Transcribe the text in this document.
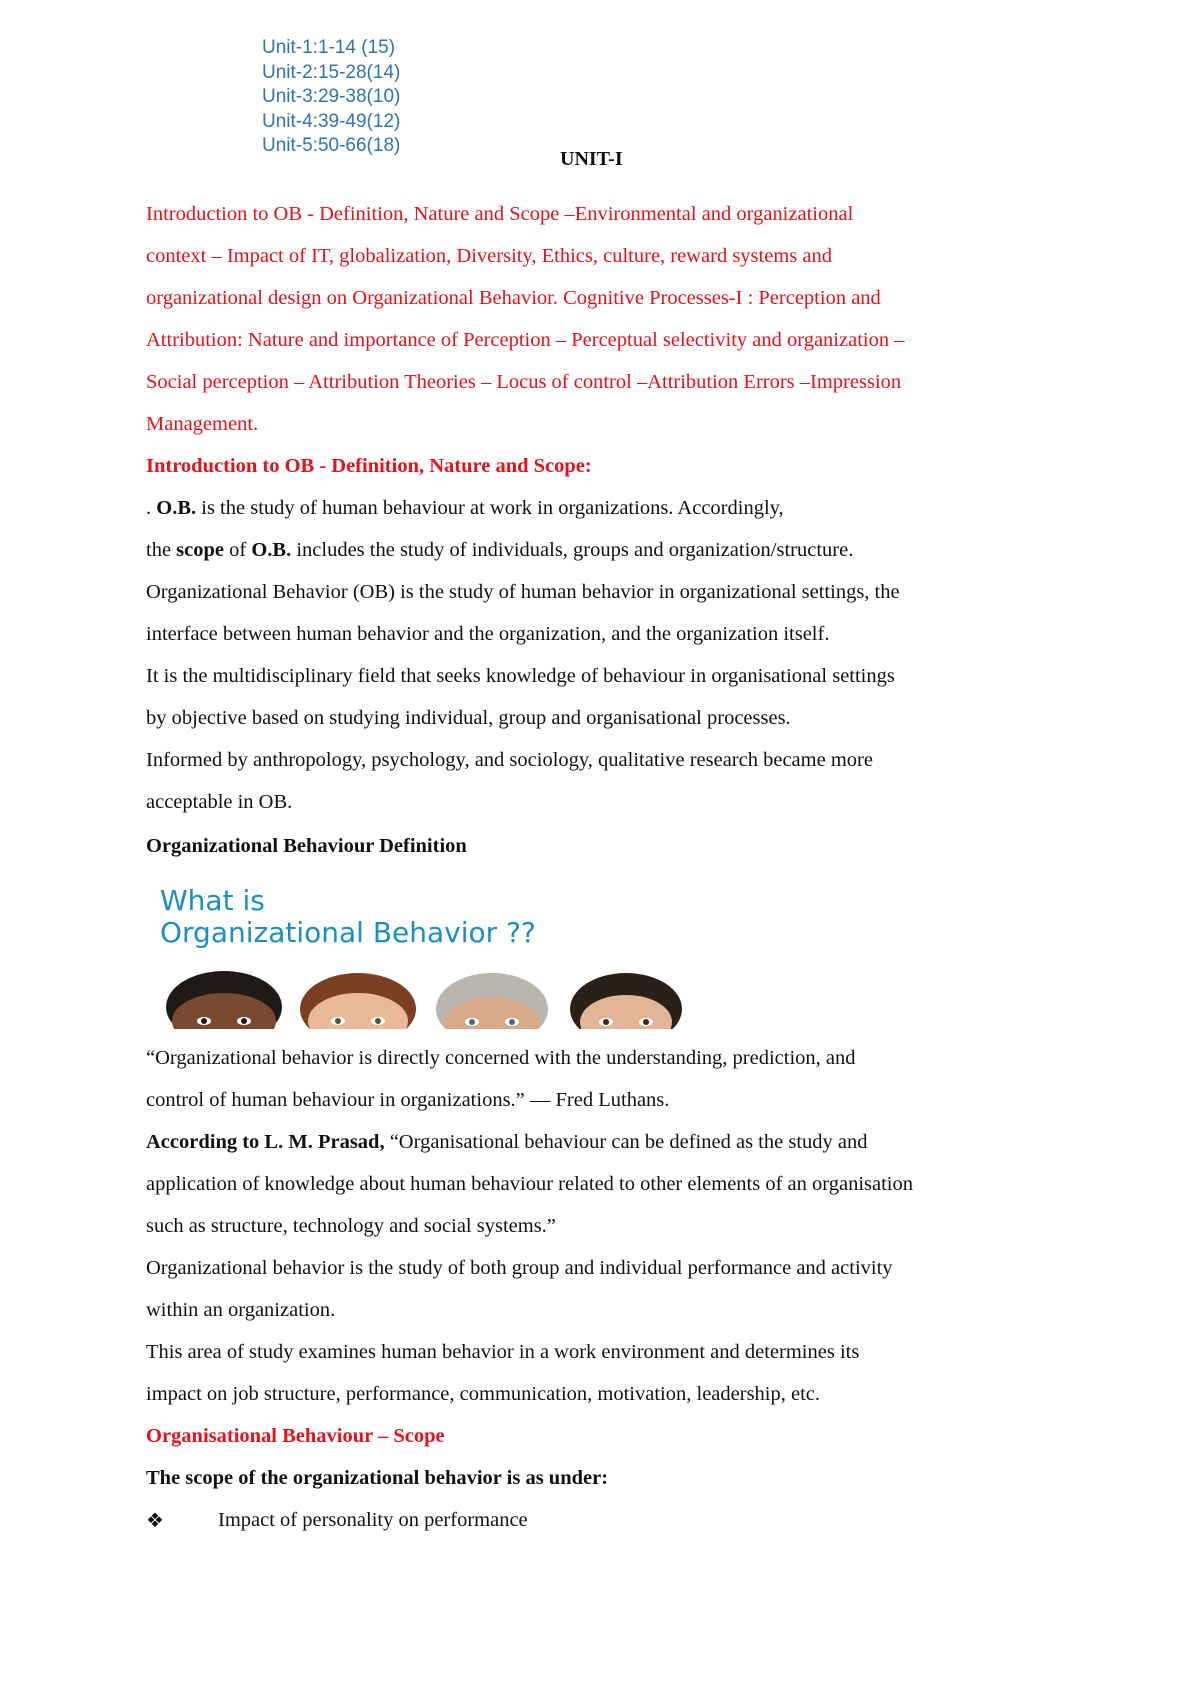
Unit-1:1-14 (15)
Unit-2:15-28(14)
Unit-3:29-38(10)
Unit-4:39-49(12)
Unit-5:50-66(18)
UNIT-I

Introduction to OB - Definition, Nature and Scope –Environmental and organizational

context – Impact of IT, globalization, Diversity, Ethics, culture, reward systems and

organizational design on Organizational Behavior. Cognitive Processes-I : Perception and

Attribution: Nature and importance of Perception – Perceptual selectivity and organization –

Social perception – Attribution Theories – Locus of control –Attribution Errors –Impression

Management.

Introduction to OB - Definition, Nature and Scope:

. O.B. is the study of human behaviour at work in organizations. Accordingly,

the scope of O.B. includes the study of individuals, groups and organization/structure.

Organizational Behavior (OB) is the study of human behavior in organizational settings, the

interface between human behavior and the organization, and the organization itself.

It is the multidisciplinary field that seeks knowledge of behaviour in organisational settings

by objective based on studying individual, group and organisational processes.

Informed by anthropology, psychology, and sociology, qualitative research became more

acceptable in OB.

Organizational Behaviour Definition

What is
Organizational Behavior ??

“Organizational behavior is directly concerned with the understanding, prediction, and

control of human behaviour in organizations.” — Fred Luthans.

According to L. M. Prasad, “Organisational behaviour can be defined as the study and

application of knowledge about human behaviour related to other elements of an organisation

such as structure, technology and social systems.”

Organizational behavior is the study of both group and individual performance and activity

within an organization.

This area of study examines human behavior in a work environment and determines its

impact on job structure, performance, communication, motivation, leadership, etc.

Organisational Behaviour – Scope

The scope of the organizational behavior is as under:

❖	Impact of personality on performance
